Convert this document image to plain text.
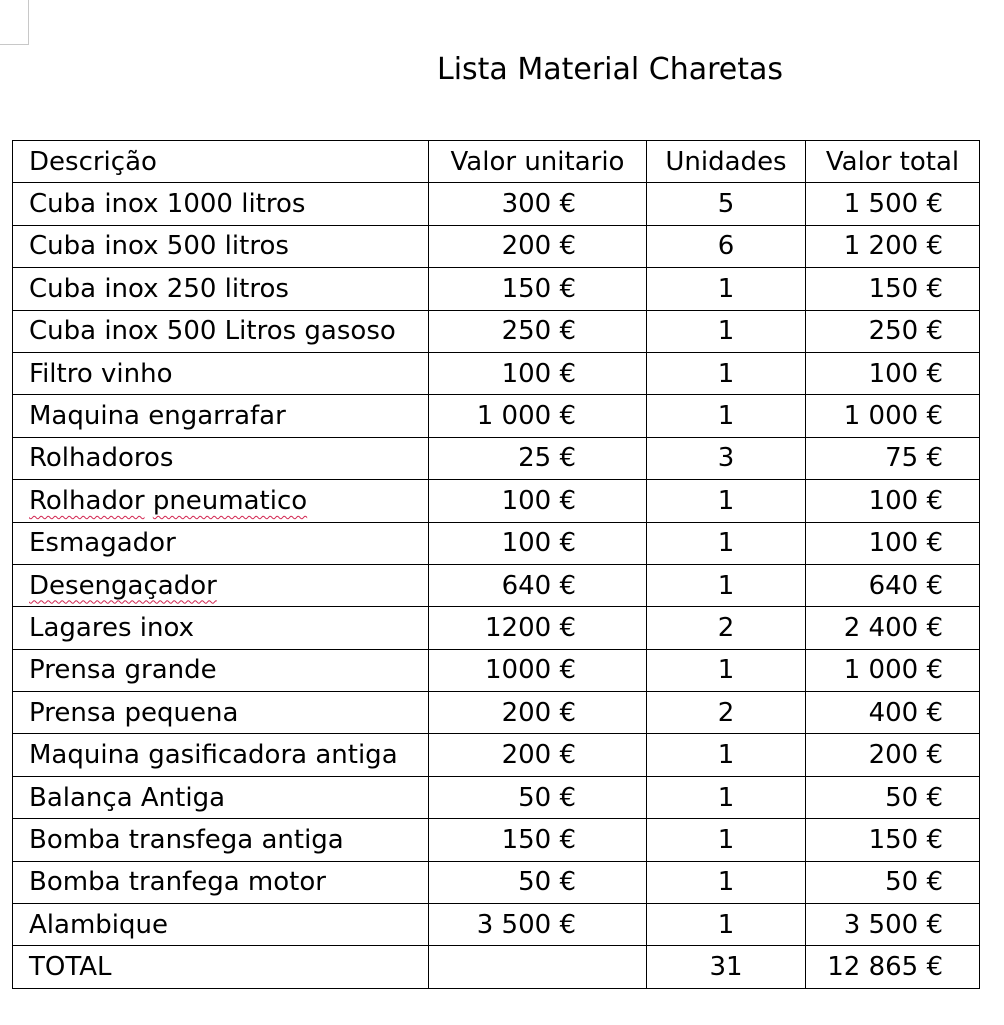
Lista Material Charetas
Descrição	Valor unitario	Unidades	Valor total
Cuba inox 1000 litros	300 €	5	1 500 €
Cuba inox 500 litros	200 €	6	1 200 €
Cuba inox 250 litros	150 €	1	150 €
Cuba inox 500 Litros gasoso	250 €	1	250 €
Filtro vinho	100 €	1	100 €
Maquina engarrafar	1 000 €	1	1 000 €
Rolhadoros	25 €	3	75 €
Rolhador pneumatico	100 €	1	100 €
Esmagador	100 €	1	100 €
Desengaçador	640 €	1	640 €
Lagares inox	1200 €	2	2 400 €
Prensa grande	1000 €	1	1 000 €
Prensa pequena	200 €	2	400 €
Maquina gasificadora antiga	200 €	1	200 €
Balança Antiga	50 €	1	50 €
Bomba transfega antiga	150 €	1	150 €
Bomba tranfega motor	50 €	1	50 €
Alambique	3 500 €	1	3 500 €
TOTAL		31	12 865 €
